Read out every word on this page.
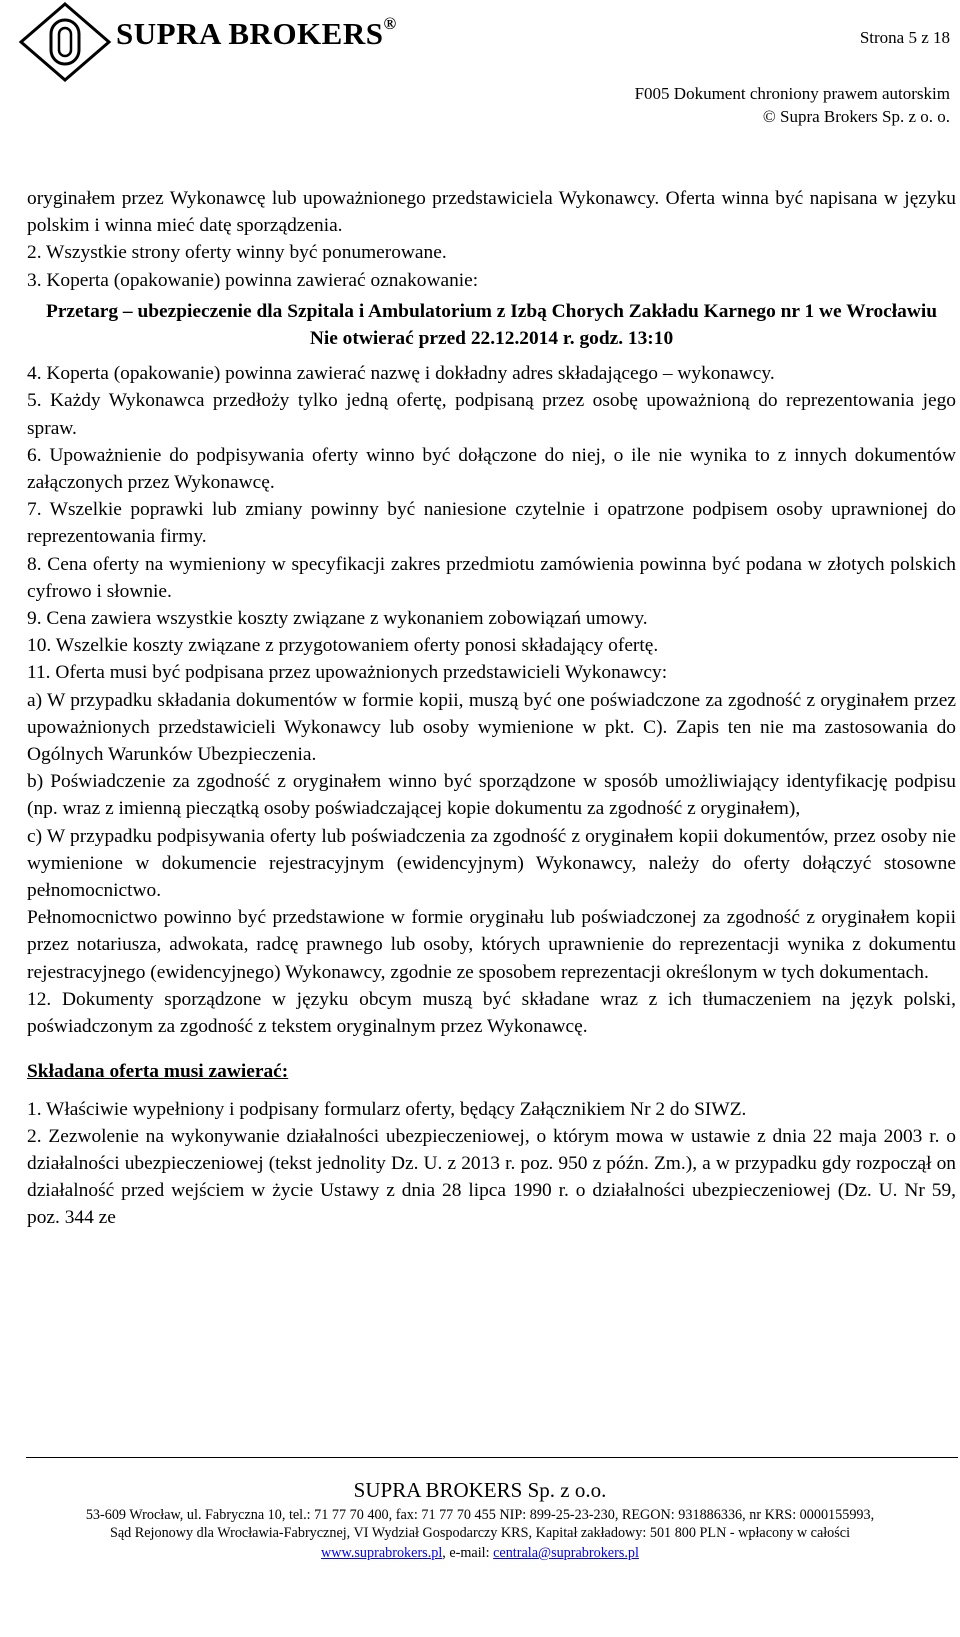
SUPRA BROKERS®
Strona 5 z 18
F005 Dokument chroniony prawem autorskim
© Supra Brokers Sp. z o. o.

oryginałem przez Wykonawcę lub upoważnionego przedstawiciela Wykonawcy. Oferta winna być napisana w języku polskim i winna mieć datę sporządzenia.

2. Wszystkie strony oferty winny być ponumerowane.

3. Koperta (opakowanie) powinna zawierać oznakowanie:

Przetarg – ubezpieczenie dla Szpitala i Ambulatorium z Izbą Chorych Zakładu Karnego nr 1 we Wrocławiu

Nie otwierać przed 22.12.2014 r. godz. 13:10

4. Koperta (opakowanie) powinna zawierać nazwę i dokładny adres składającego – wykonawcy.

5. Każdy Wykonawca przedłoży tylko jedną ofertę, podpisaną przez osobę upoważnioną do reprezentowania jego spraw.

6. Upoważnienie do podpisywania oferty winno być dołączone do niej, o ile nie wynika to z innych dokumentów załączonych przez Wykonawcę.

7. Wszelkie poprawki lub zmiany powinny być naniesione czytelnie i opatrzone podpisem osoby uprawnionej do reprezentowania firmy.

8. Cena oferty na wymieniony w specyfikacji zakres przedmiotu zamówienia powinna być podana w złotych polskich cyfrowo i słownie.

9. Cena zawiera wszystkie koszty związane z wykonaniem zobowiązań umowy.

10. Wszelkie koszty związane z przygotowaniem oferty ponosi składający ofertę.

11. Oferta musi być podpisana przez upoważnionych przedstawicieli Wykonawcy:

a) W przypadku składania dokumentów w formie kopii, muszą być one poświadczone za zgodność z oryginałem przez upoważnionych przedstawicieli Wykonawcy lub osoby wymienione w pkt. C). Zapis ten nie ma zastosowania do Ogólnych Warunków Ubezpieczenia.

b) Poświadczenie za zgodność z oryginałem winno być sporządzone w sposób umożliwiający identyfikację podpisu (np. wraz z imienną pieczątką osoby poświadczającej kopie dokumentu za zgodność z oryginałem),

c) W przypadku podpisywania oferty lub poświadczenia za zgodność z oryginałem kopii dokumentów, przez osoby nie wymienione w dokumencie rejestracyjnym (ewidencyjnym) Wykonawcy, należy do oferty dołączyć stosowne pełnomocnictwo.

Pełnomocnictwo powinno być przedstawione w formie oryginału lub poświadczonej za zgodność z oryginałem kopii przez notariusza, adwokata, radcę prawnego lub osoby, których uprawnienie do reprezentacji wynika z dokumentu rejestracyjnego (ewidencyjnego) Wykonawcy, zgodnie ze sposobem reprezentacji określonym w tych dokumentach.

12. Dokumenty sporządzone w języku obcym muszą być składane wraz z ich tłumaczeniem na język polski, poświadczonym za zgodność z tekstem oryginalnym przez Wykonawcę.

Składana oferta musi zawierać:

1. Właściwie wypełniony i podpisany formularz oferty, będący Załącznikiem Nr 2 do SIWZ.

2. Zezwolenie na wykonywanie działalności ubezpieczeniowej, o którym mowa w ustawie z dnia 22 maja 2003 r. o działalności ubezpieczeniowej (tekst jednolity Dz. U. z 2013 r. poz. 950 z późn. Zm.), a w przypadku gdy rozpoczął on działalność przed wejściem w życie Ustawy z dnia 28 lipca 1990 r. o działalności ubezpieczeniowej (Dz. U. Nr 59, poz. 344 ze

SUPRA BROKERS Sp. z o.o.
53-609 Wrocław, ul. Fabryczna 10, tel.: 71 77 70 400, fax: 71 77 70 455 NIP: 899-25-23-230, REGON: 931886336, nr KRS: 0000155993,
Sąd Rejonowy dla Wrocławia-Fabrycznej, VI Wydział Gospodarczy KRS, Kapitał zakładowy: 501 800 PLN - wpłacony w całości
www.suprabrokers.pl, e-mail: centrala@suprabrokers.pl
